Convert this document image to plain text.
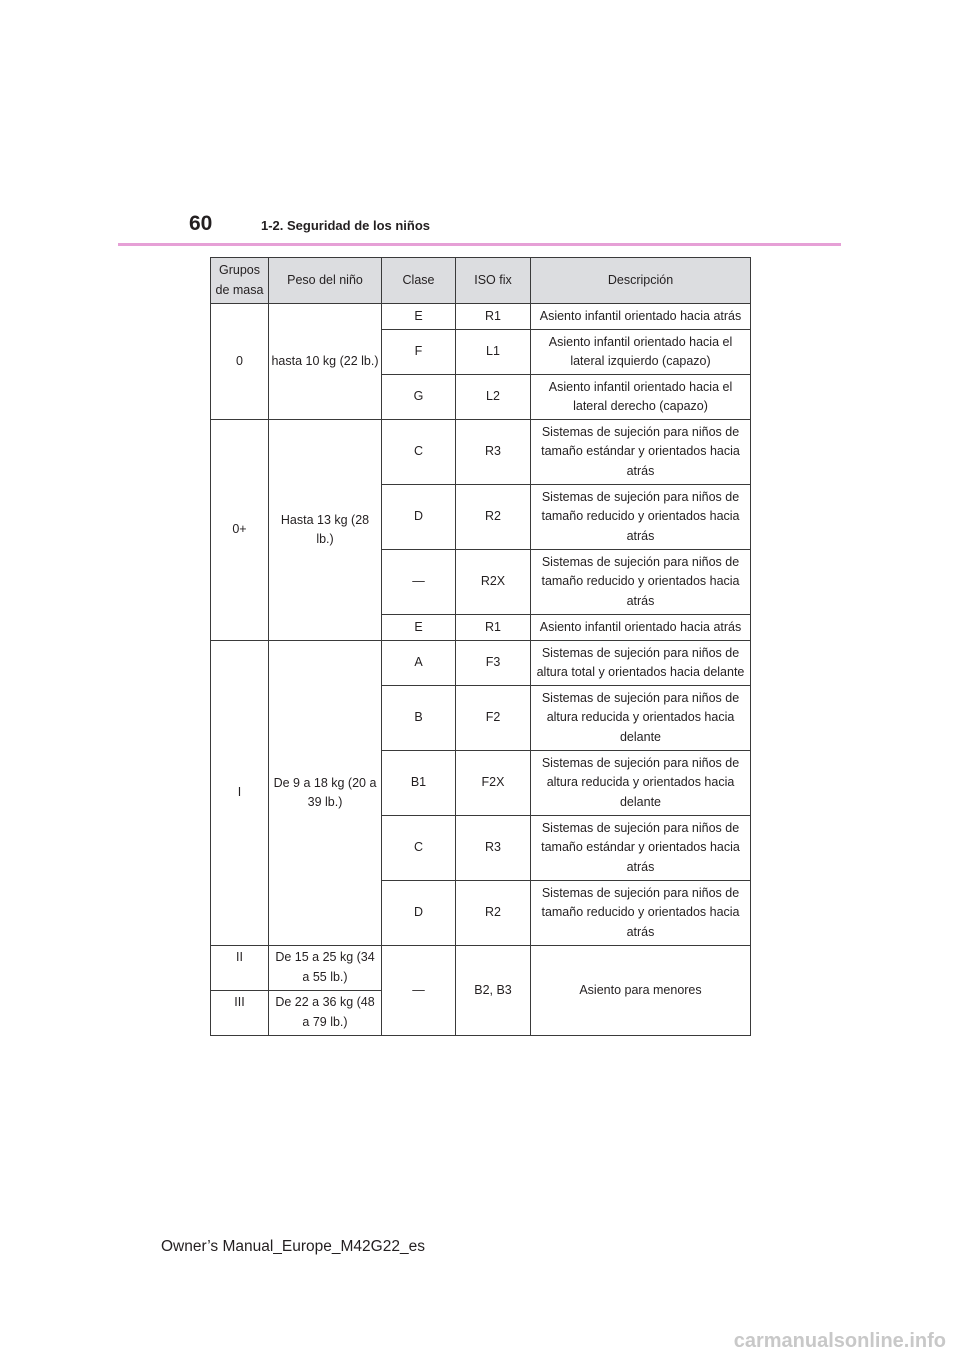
60	1-2. Seguridad de los niños
Grupos de masa	Peso del niño	Clase	ISO fix	Descripción
0	hasta 10 kg (22 lb.)	E	R1	Asiento infantil orientado hacia atrás
		F	L1	Asiento infantil orientado hacia el lateral izquierdo (capazo)
		G	L2	Asiento infantil orientado hacia el lateral derecho (capazo)
0+	Hasta 13 kg (28 lb.)	C	R3	Sistemas de sujeción para niños de tamaño estándar y orientados hacia atrás
		D	R2	Sistemas de sujeción para niños de tamaño reducido y orientados hacia atrás
		—	R2X	Sistemas de sujeción para niños de tamaño reducido y orientados hacia atrás
		E	R1	Asiento infantil orientado hacia atrás
I	De 9 a 18 kg (20 a 39 lb.)	A	F3	Sistemas de sujeción para niños de altura total y orientados hacia delante
		B	F2	Sistemas de sujeción para niños de altura reducida y orientados hacia delante
		B1	F2X	Sistemas de sujeción para niños de altura reducida y orientados hacia delante
		C	R3	Sistemas de sujeción para niños de tamaño estándar y orientados hacia atrás
		D	R2	Sistemas de sujeción para niños de tamaño reducido y orientados hacia atrás
II	De 15 a 25 kg (34 a 55 lb.)	—	B2, B3	Asiento para menores
III	De 22 a 36 kg (48 a 79 lb.)			
Owner’s Manual_Europe_M42G22_es
carmanualsonline.info
